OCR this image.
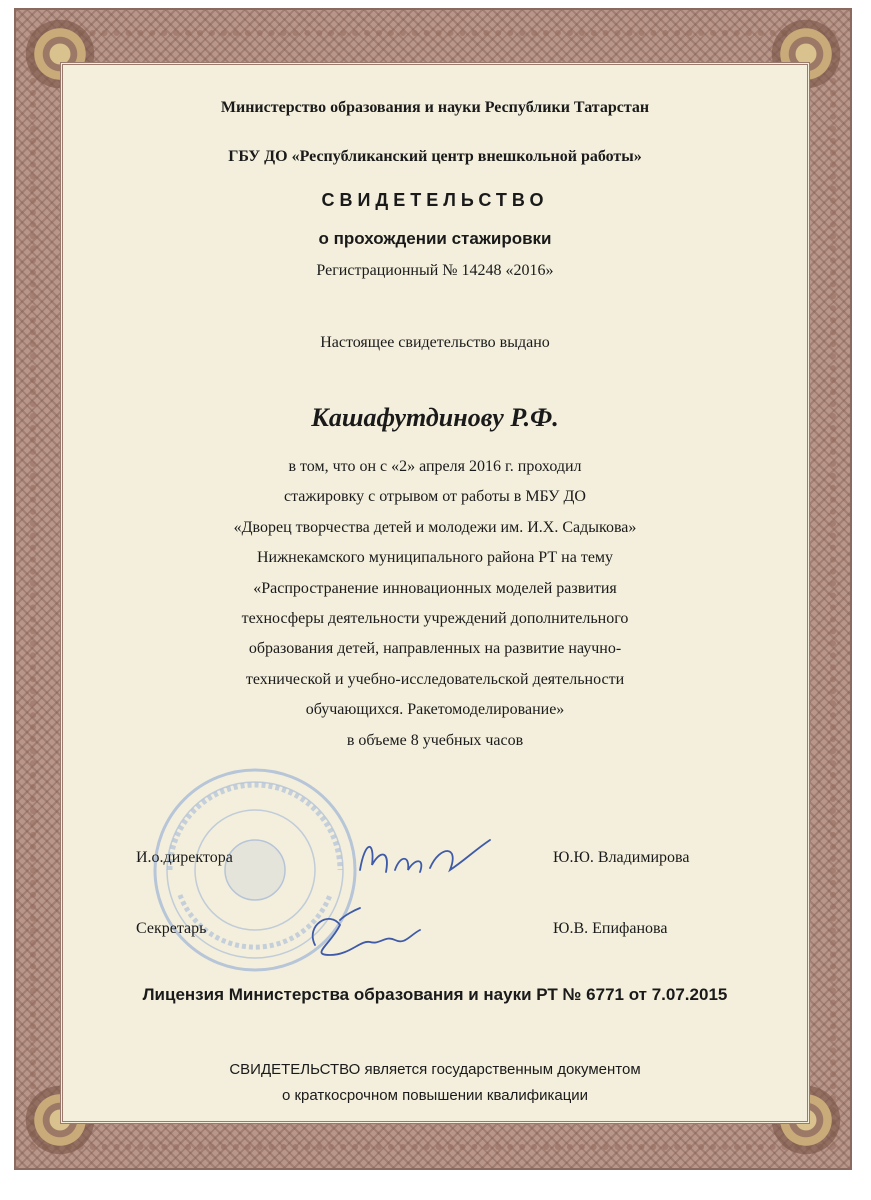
Министерство образования и науки Республики Татарстан
ГБУ ДО «Республиканский центр внешкольной работы»
СВИДЕТЕЛЬСТВО
о прохождении стажировки
Регистрационный № 14248 «2016»
Настоящее свидетельство выдано
Кашафутдинову Р.Ф.
в том, что он с «2» апреля 2016 г. проходил
стажировку с отрывом от работы в МБУ ДО
«Дворец творчества детей и молодежи им. И.Х. Садыкова»
Нижнекамского муниципального района РТ на тему
«Распространение инновационных моделей развития
техносферы деятельности учреждений дополнительного
образования детей, направленных на развитие научно-
технической и учебно-исследовательской деятельности
обучающихся. Ракетомоделирование»
в объеме 8 учебных часов
И.о.директора	Ю.Ю. Владимирова
Секретарь	Ю.В. Епифанова
Лицензия Министерства образования и науки РТ № 6771 от 7.07.2015
СВИДЕТЕЛЬСТВО является государственным документом
о краткосрочном повышении квалификации
